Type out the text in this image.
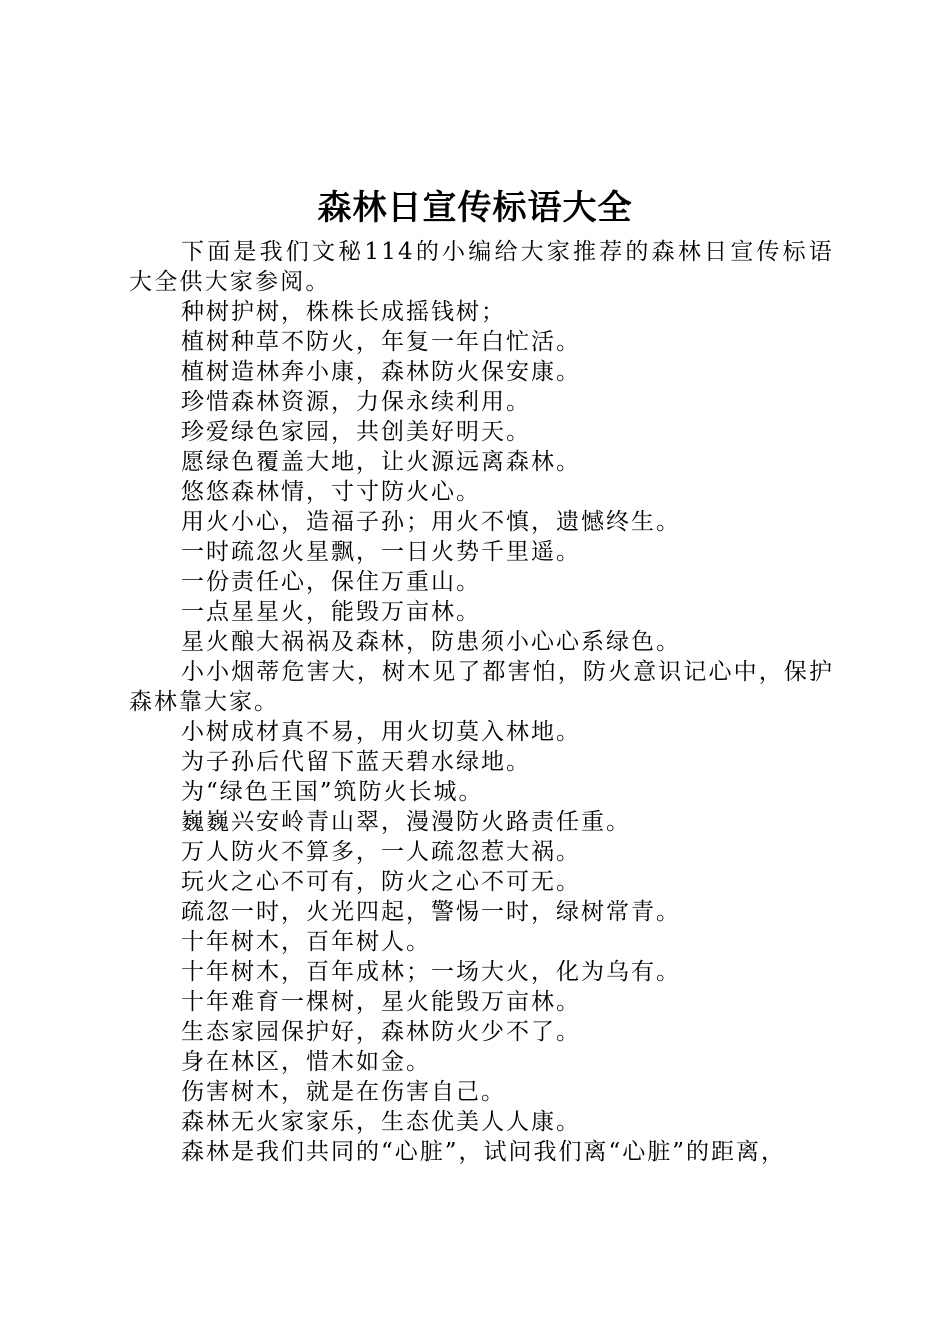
森林日宣传标语大全

下面是我们文秘114的小编给大家推荐的森林日宣传标语大全供大家参阅。

种树护树，株株长成摇钱树；

植树种草不防火，年复一年白忙活。

植树造林奔小康，森林防火保安康。

珍惜森林资源，力保永续利用。

珍爱绿色家园，共创美好明天。

愿绿色覆盖大地，让火源远离森林。

悠悠森林情，寸寸防火心。

用火小心，造福子孙；用火不慎，遗憾终生。

一时疏忽火星飘，一日火势千里遥。

一份责任心，保住万重山。

一点星星火，能毁万亩林。

星火酿大祸祸及森林，防患须小心心系绿色。

小小烟蒂危害大，树木见了都害怕，防火意识记心中，保护森林靠大家。

小树成材真不易，用火切莫入林地。

为子孙后代留下蓝天碧水绿地。

为“绿色王国”筑防火长城。

巍巍兴安岭青山翠，漫漫防火路责任重。

万人防火不算多，一人疏忽惹大祸。

玩火之心不可有，防火之心不可无。

疏忽一时，火光四起，警惕一时，绿树常青。

十年树木，百年树人。

十年树木，百年成林；一场大火，化为乌有。

十年难育一棵树，星火能毁万亩林。

生态家园保护好，森林防火少不了。

身在林区，惜木如金。

伤害树木，就是在伤害自己。

森林无火家家乐，生态优美人人康。

森林是我们共同的“心脏”，试问我们离“心脏”的距离，
